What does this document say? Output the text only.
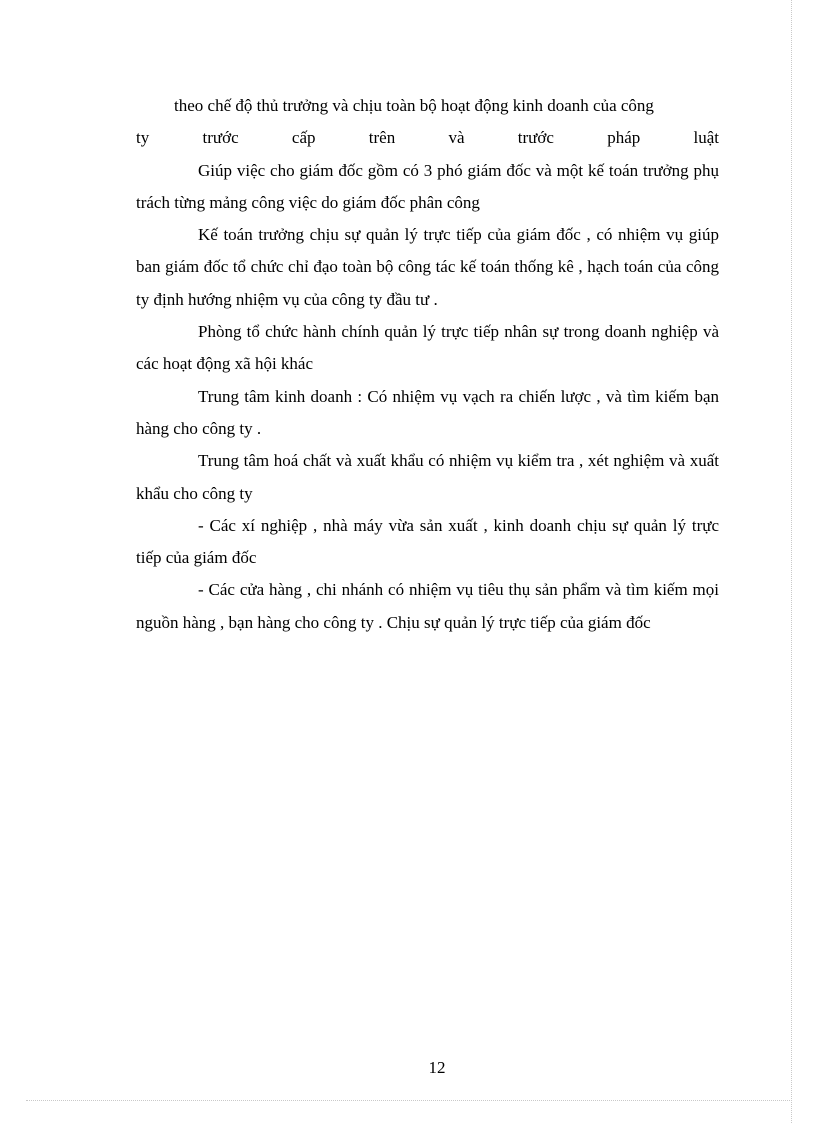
theo chế độ thủ trưởng và chịu toàn bộ hoạt động kinh doanh của công

ty trước cấp trên và trước pháp luật

Giúp việc cho giám đốc gồm có 3 phó giám đốc và một kế toán trưởng phụ trách từng mảng công việc do giám đốc phân công

Kế toán trưởng chịu sự quản lý trực tiếp của giám đốc , có nhiệm vụ giúp ban giám đốc tổ chức chỉ đạo toàn bộ công tác kế toán thống kê , hạch toán của công ty định hướng nhiệm vụ của công ty đầu tư .

Phòng tổ chức hành chính quản lý trực tiếp nhân sự trong doanh nghiệp và các hoạt động xã hội khác

Trung tâm kinh doanh : Có nhiệm vụ vạch ra chiến lược , và tìm kiếm bạn hàng cho công ty .

Trung tâm hoá chất và xuất khẩu có nhiệm vụ kiểm tra , xét nghiệm và xuất khẩu cho công ty

- Các xí nghiệp , nhà máy vừa sản xuất , kinh doanh chịu sự quản lý trực tiếp của giám đốc

- Các cửa hàng , chi nhánh có nhiệm vụ tiêu thụ sản phẩm và tìm kiếm mọi nguồn hàng , bạn hàng cho công ty . Chịu sự quản lý trực tiếp của giám đốc

12
